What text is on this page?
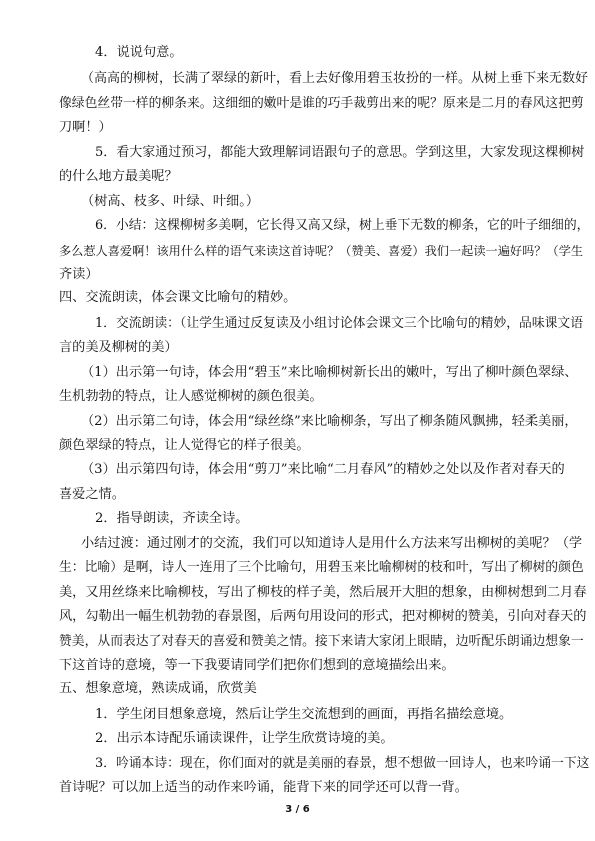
4．说说句意。

（高高的柳树，长满了翠绿的新叶，看上去好像用碧玉妆扮的一样。从树上垂下来无数好

像绿色丝带一样的柳条来。这细细的嫩叶是谁的巧手裁剪出来的呢？原来是二月的春风这把剪

刀啊！）

5．看大家通过预习，都能大致理解词语跟句子的意思。学到这里，大家发现这棵柳树

的什么地方最美呢？

（树高、枝多、叶绿、叶细。）

6．小结：这棵柳树多美啊，它长得又高又绿，树上垂下无数的柳条，它的叶子细细的，

多么惹人喜爱啊！该用什么样的语气来读这首诗呢？（赞美、喜爱）我们一起读一遍好吗？（学生

齐读）

四、交流朗读，体会课文比喻句的精妙。

1．交流朗读：（让学生通过反复读及小组讨论体会课文三个比喻句的精妙，品味课文语

言的美及柳树的美）

（1）出示第一句诗，体会用“碧玉”来比喻柳树新长出的嫩叶，写出了柳叶颜色翠绿、

生机勃勃的特点，让人感觉柳树的颜色很美。

（2）出示第二句诗，体会用“绿丝绦”来比喻柳条，写出了柳条随风飘拂，轻柔美丽，

颜色翠绿的特点，让人觉得它的样子很美。

（3）出示第四句诗，体会用“剪刀”来比喻“二月春风”的精妙之处以及作者对春天的

喜爱之情。

2．指导朗读，齐读全诗。

小结过渡：通过刚才的交流，我们可以知道诗人是用什么方法来写出柳树的美呢？（学

生：比喻）是啊，诗人一连用了三个比喻句，用碧玉来比喻柳树的枝和叶，写出了柳树的颜色

美，又用丝绦来比喻柳枝，写出了柳枝的样子美，然后展开大胆的想象，由柳树想到二月春

风，勾勒出一幅生机勃勃的春景图，后两句用设问的形式，把对柳树的赞美，引向对春天的

赞美，从而表达了对春天的喜爱和赞美之情。接下来请大家闭上眼睛，边听配乐朗诵边想象一

下这首诗的意境，等一下我要请同学们把你们想到的意境描绘出来。

五、想象意境，熟读成诵，欣赏美

1．学生闭目想象意境，然后让学生交流想到的画面，再指名描绘意境。

2．出示本诗配乐诵读课件，让学生欣赏诗境的美。

3．吟诵本诗：现在，你们面对的就是美丽的春景，想不想做一回诗人，也来吟诵一下这

首诗呢？可以加上适当的动作来吟诵，能背下来的同学还可以背一背。

3 / 6
